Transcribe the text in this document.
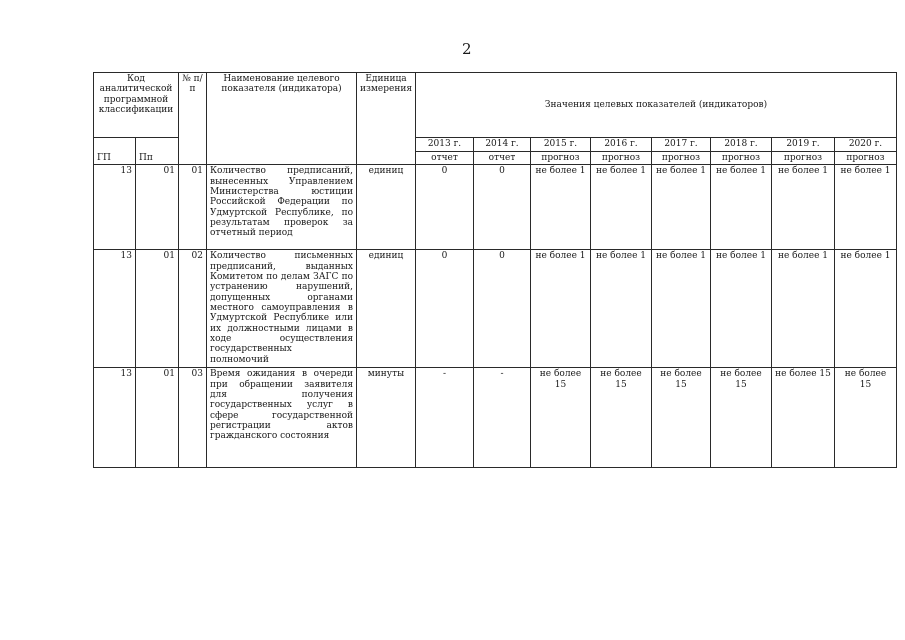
2
Код аналитической программной классификации		№ п/п	Наименование целевого показателя (индикатора)	Единица измерения	Значения целевых показателей (индикаторов)							
ГП	Пп				2013 г.	2014 г.	2015 г.	2016 г.	2017 г.	2018 г.	2019 г.	2020 г.
					отчет	отчет	прогноз	прогноз	прогноз	прогноз	прогноз	прогноз
13	01	01	Количество предписаний, вынесенных Управлением Министерства юстиции Российской Федерации по Удмуртской Республике, по результатам проверок за отчетный период	единиц	0	0	не более 1	не более 1	не более 1	не более 1	не более 1	не более 1
13	01	02	Количество письменных предписаний, выданных Комитетом по делам ЗАГС по устранению нарушений, допущенных органами местного самоуправления в Удмуртской Республике или их должностными лицами в ходе осуществления государственных полномочий	единиц	0	0	не более 1	не более 1	не более 1	не более 1	не более 1	не более 1
13	01	03	Время ожидания в очереди при обращении заявителя для получения государственных услуг в сфере государственной регистрации актов гражданского состояния	минуты	-	-	не более 15	не более 15	не более 15	не более 15	не более 15	не более 15
